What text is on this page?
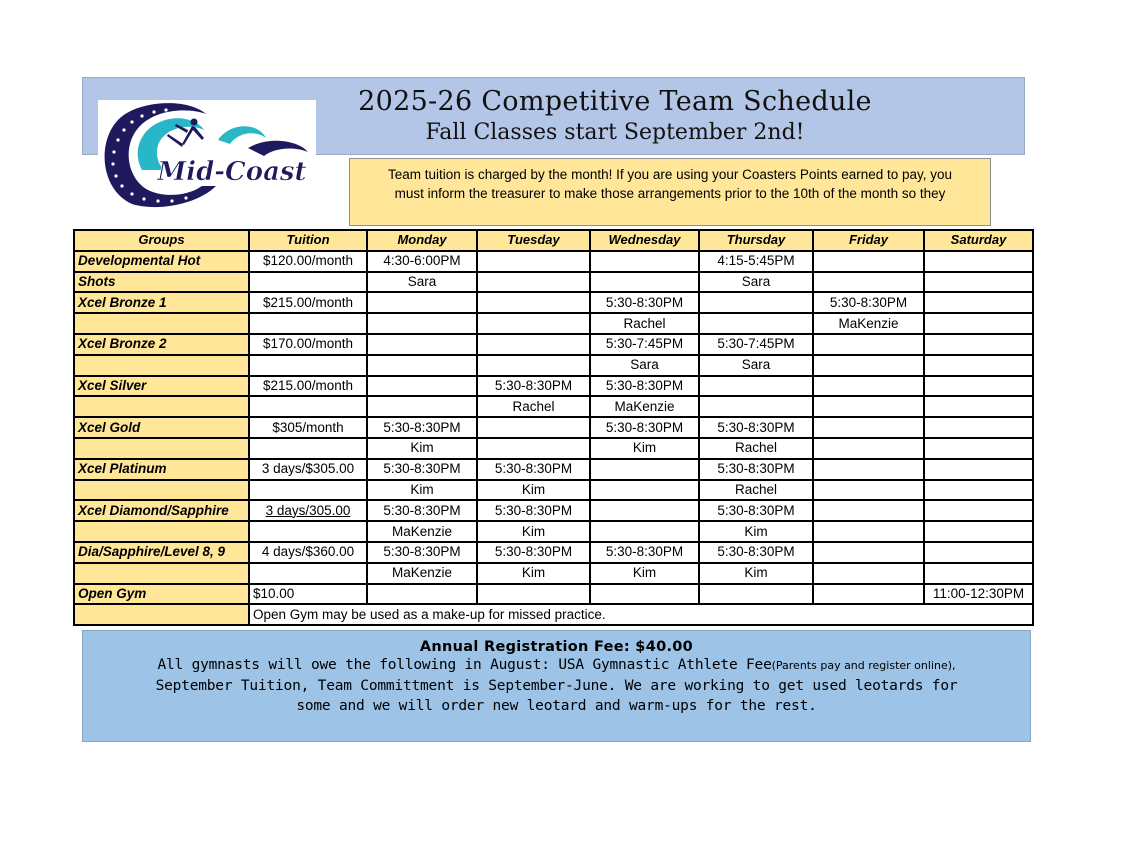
Mid-Coast
2025-26 Competitive Team Schedule
Fall Classes start September 2nd!
Team tuition is charged by the month! If you are using your Coasters Points earned to pay, you
must inform the treasurer to make those arrangements prior to the 10th of the month so they
Groups	Tuition	Monday	Tuesday	Wednesday	Thursday	Friday	Saturday
Developmental Hot	$120.00/month	4:30-6:00PM			4:15-5:45PM		
Shots		Sara			Sara		
Xcel Bronze 1	$215.00/month			5:30-8:30PM		5:30-8:30PM	
				Rachel		MaKenzie	
Xcel Bronze 2	$170.00/month			5:30-7:45PM	5:30-7:45PM		
				Sara	Sara		
Xcel Silver	$215.00/month		5:30-8:30PM	5:30-8:30PM			
			Rachel	MaKenzie			
Xcel Gold	$305/month	5:30-8:30PM		5:30-8:30PM	5:30-8:30PM		
		Kim		Kim	Rachel		
Xcel Platinum	3 days/$305.00	5:30-8:30PM	5:30-8:30PM		5:30-8:30PM		
		Kim	Kim		Rachel		
Xcel Diamond/Sapphire	3 days/305.00	5:30-8:30PM	5:30-8:30PM		5:30-8:30PM		
		MaKenzie	Kim		Kim		
Dia/Sapphire/Level 8, 9	4 days/$360.00	5:30-8:30PM	5:30-8:30PM	5:30-8:30PM	5:30-8:30PM		
		MaKenzie	Kim	Kim	Kim		
Open Gym	$10.00						11:00-12:30PM
	Open Gym may be used as a make-up for missed practice.						
Annual Registration Fee: $40.00
All gymnasts will owe the following in August: USA Gymnastic Athlete Fee(Parents pay and register online),
September Tuition, Team Committment is September-June. We are working to get used leotards for
some and we will order new leotard and warm-ups for the rest.
